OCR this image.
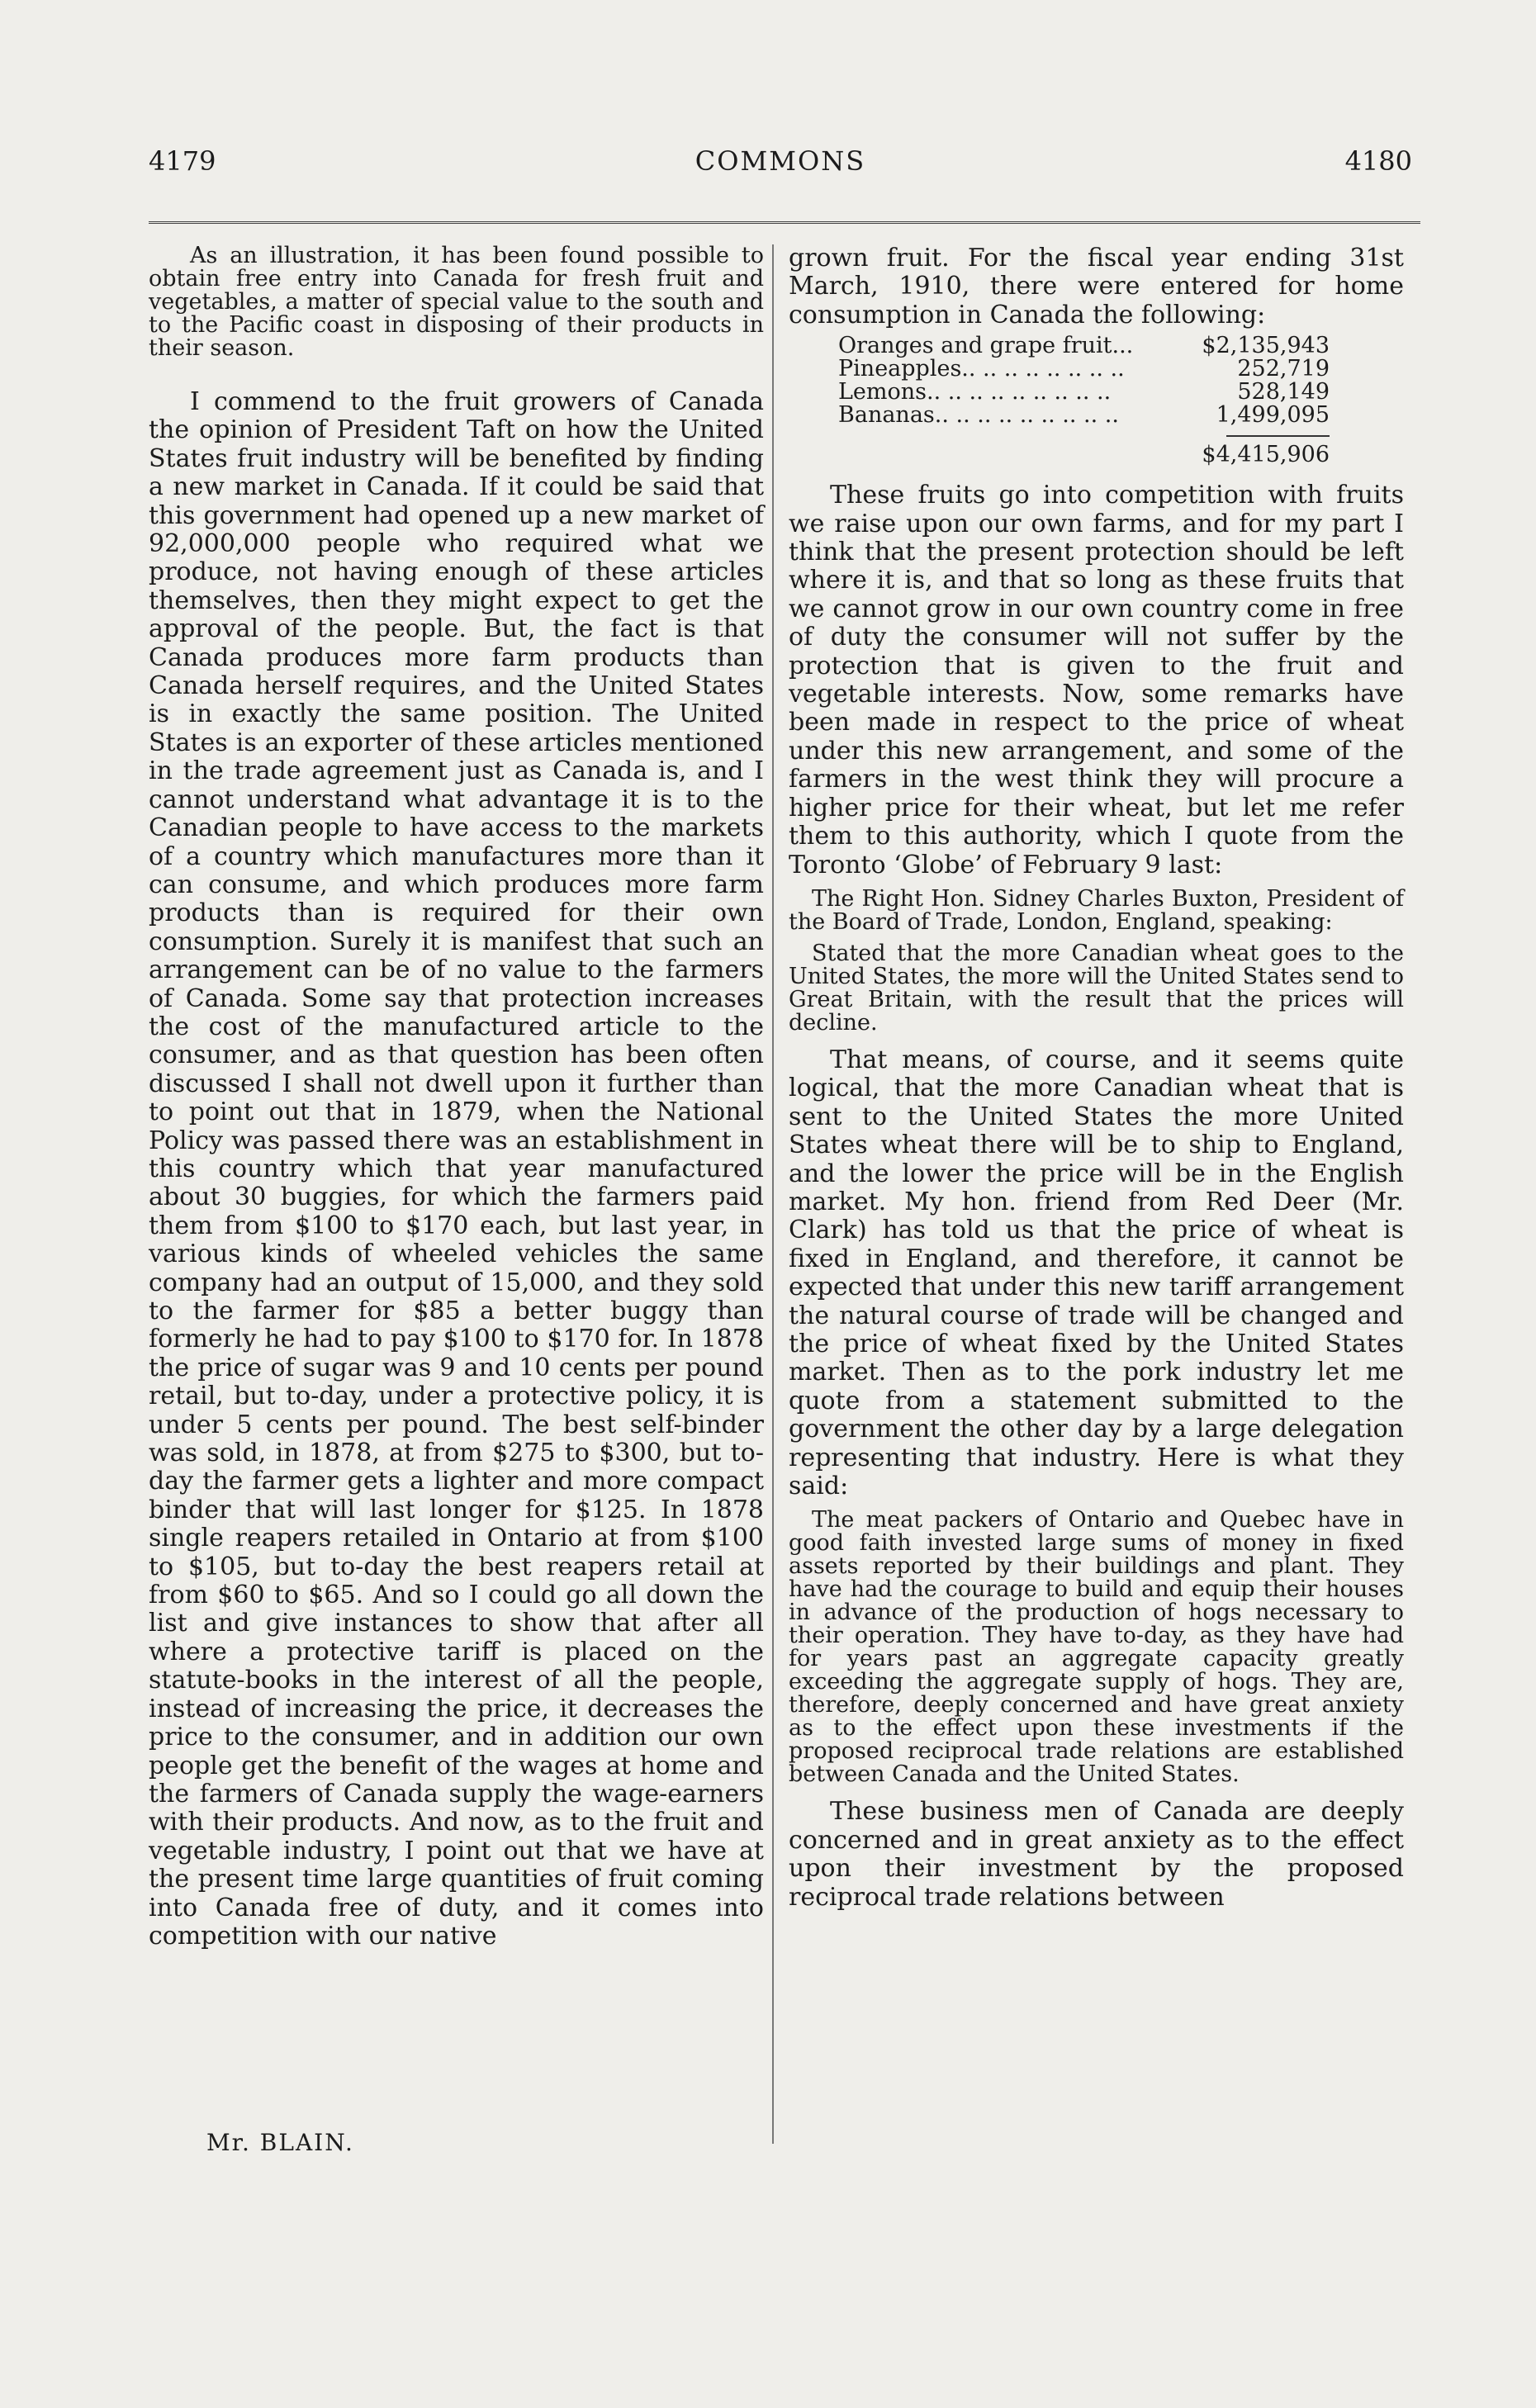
4179	COMMONS	4180

As an illustration, it has been found possible to obtain free entry into Canada for fresh fruit and vegetables, a matter of special value to the south and to the Pacific coast in disposing of their products in their season.

I commend to the fruit growers of Canada the opinion of President Taft on how the United States fruit industry will be benefited by finding a new market in Canada. If it could be said that this government had opened up a new market of 92,000,000 people who required what we produce, not having enough of these articles themselves, then they might expect to get the approval of the people. But, the fact is that Canada produces more farm products than Canada herself requires, and the United States is in exactly the same position. The United States is an exporter of these articles mentioned in the trade agreement just as Canada is, and I cannot understand what advantage it is to the Canadian people to have access to the markets of a country which manufactures more than it can consume, and which produces more farm products than is required for their own consumption. Surely it is manifest that such an arrangement can be of no value to the farmers of Canada. Some say that protection increases the cost of the manufactured article to the consumer, and as that question has been often discussed I shall not dwell upon it further than to point out that in 1879, when the National Policy was passed there was an establishment in this country which that year manufactured about 30 buggies, for which the farmers paid them from $100 to $170 each, but last year, in various kinds of wheeled vehicles the same company had an output of 15,000, and they sold to the farmer for $85 a better buggy than formerly he had to pay $100 to $170 for. In 1878 the price of sugar was 9 and 10 cents per pound retail, but to-day, under a protective policy, it is under 5 cents per pound. The best self-binder was sold, in 1878, at from $275 to $300, but to-day the farmer gets a lighter and more compact binder that will last longer for $125. In 1878 single reapers retailed in Ontario at from $100 to $105, but to-day the best reapers retail at from $60 to $65. And so I could go all down the list and give instances to show that after all where a protective tariff is placed on the statute-books in the interest of all the people, instead of increasing the price, it decreases the price to the consumer, and in addition our own people get the benefit of the wages at home and the farmers of Canada supply the wage-earners with their products. And now, as to the fruit and vegetable industry, I point out that we have at the present time large quantities of fruit coming into Canada free of duty, and it comes into competition with our native

grown fruit. For the fiscal year ending 31st March, 1910, there were entered for home consumption in Canada the following:

Oranges and grape fruit...	$2,135,943
Pineapples.. .. .. .. .. .. .. ..	252,719
Lemons.. .. .. .. .. .. .. .. ..	528,149
Bananas.. .. .. .. .. .. .. .. ..	1,499,095
$4,415,906

These fruits go into competition with fruits we raise upon our own farms, and for my part I think that the present protection should be left where it is, and that so long as these fruits that we cannot grow in our own country come in free of duty the consumer will not suffer by the protection that is given to the fruit and vegetable interests. Now, some remarks have been made in respect to the price of wheat under this new arrangement, and some of the farmers in the west think they will procure a higher price for their wheat, but let me refer them to this authority, which I quote from the Toronto ‘Globe’ of February 9 last:

The Right Hon. Sidney Charles Buxton, President of the Board of Trade, London, England, speaking:

Stated that the more Canadian wheat goes to the United States, the more will the United States send to Great Britain, with the result that the prices will decline.

That means, of course, and it seems quite logical, that the more Canadian wheat that is sent to the United States the more United States wheat there will be to ship to England, and the lower the price will be in the English market. My hon. friend from Red Deer (Mr. Clark) has told us that the price of wheat is fixed in England, and therefore, it cannot be expected that under this new tariff arrangement the natural course of trade will be changed and the price of wheat fixed by the United States market. Then as to the pork industry let me quote from a statement submitted to the government the other day by a large delegation representing that industry. Here is what they said:

The meat packers of Ontario and Quebec have in good faith invested large sums of money in fixed assets reported by their buildings and plant. They have had the courage to build and equip their houses in advance of the production of hogs necessary to their operation. They have to-day, as they have had for years past an aggregate capacity greatly exceeding the aggregate supply of hogs. They are, therefore, deeply concerned and have great anxiety as to the effect upon these investments if the proposed reciprocal trade relations are established between Canada and the United States.

These business men of Canada are deeply concerned and in great anxiety as to the effect upon their investment by the proposed reciprocal trade relations between

Mr. BLAIN.
